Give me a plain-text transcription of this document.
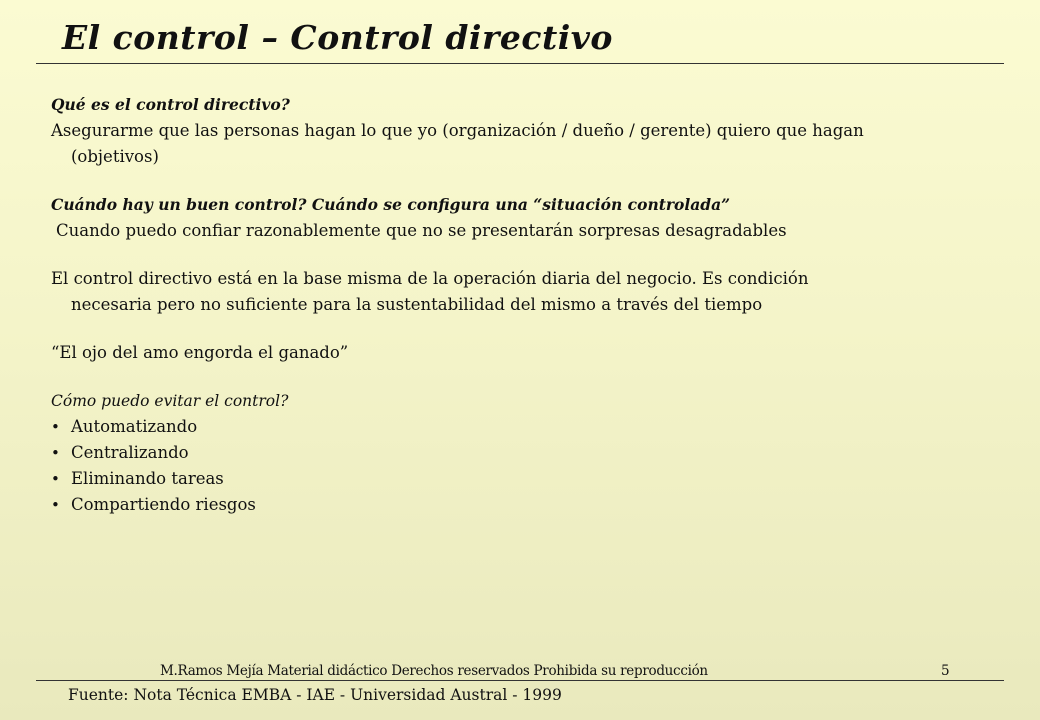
El control – Control directivo

Qué es el control directivo?

Asegurarme que las personas hagan lo que yo (organización / dueño / gerente) quiero que hagan

(objetivos)

Cuándo hay un buen control? Cuándo se configura una “situación controlada”

Cuando puedo confiar razonablemente que no se presentarán sorpresas desagradables

El control directivo está en la base misma de la operación diaria del negocio. Es condición

necesaria pero no suficiente para la sustentabilidad del mismo a través del tiempo

“El ojo del amo engorda el ganado”

Cómo puedo evitar el control?

• Automatizando
• Centralizando
• Eliminando tareas
• Compartiendo riesgos
M.Ramos Mejía Material didáctico Derechos reservados Prohibida su reproducción	5
Fuente: Nota Técnica EMBA - IAE - Universidad Austral - 1999
